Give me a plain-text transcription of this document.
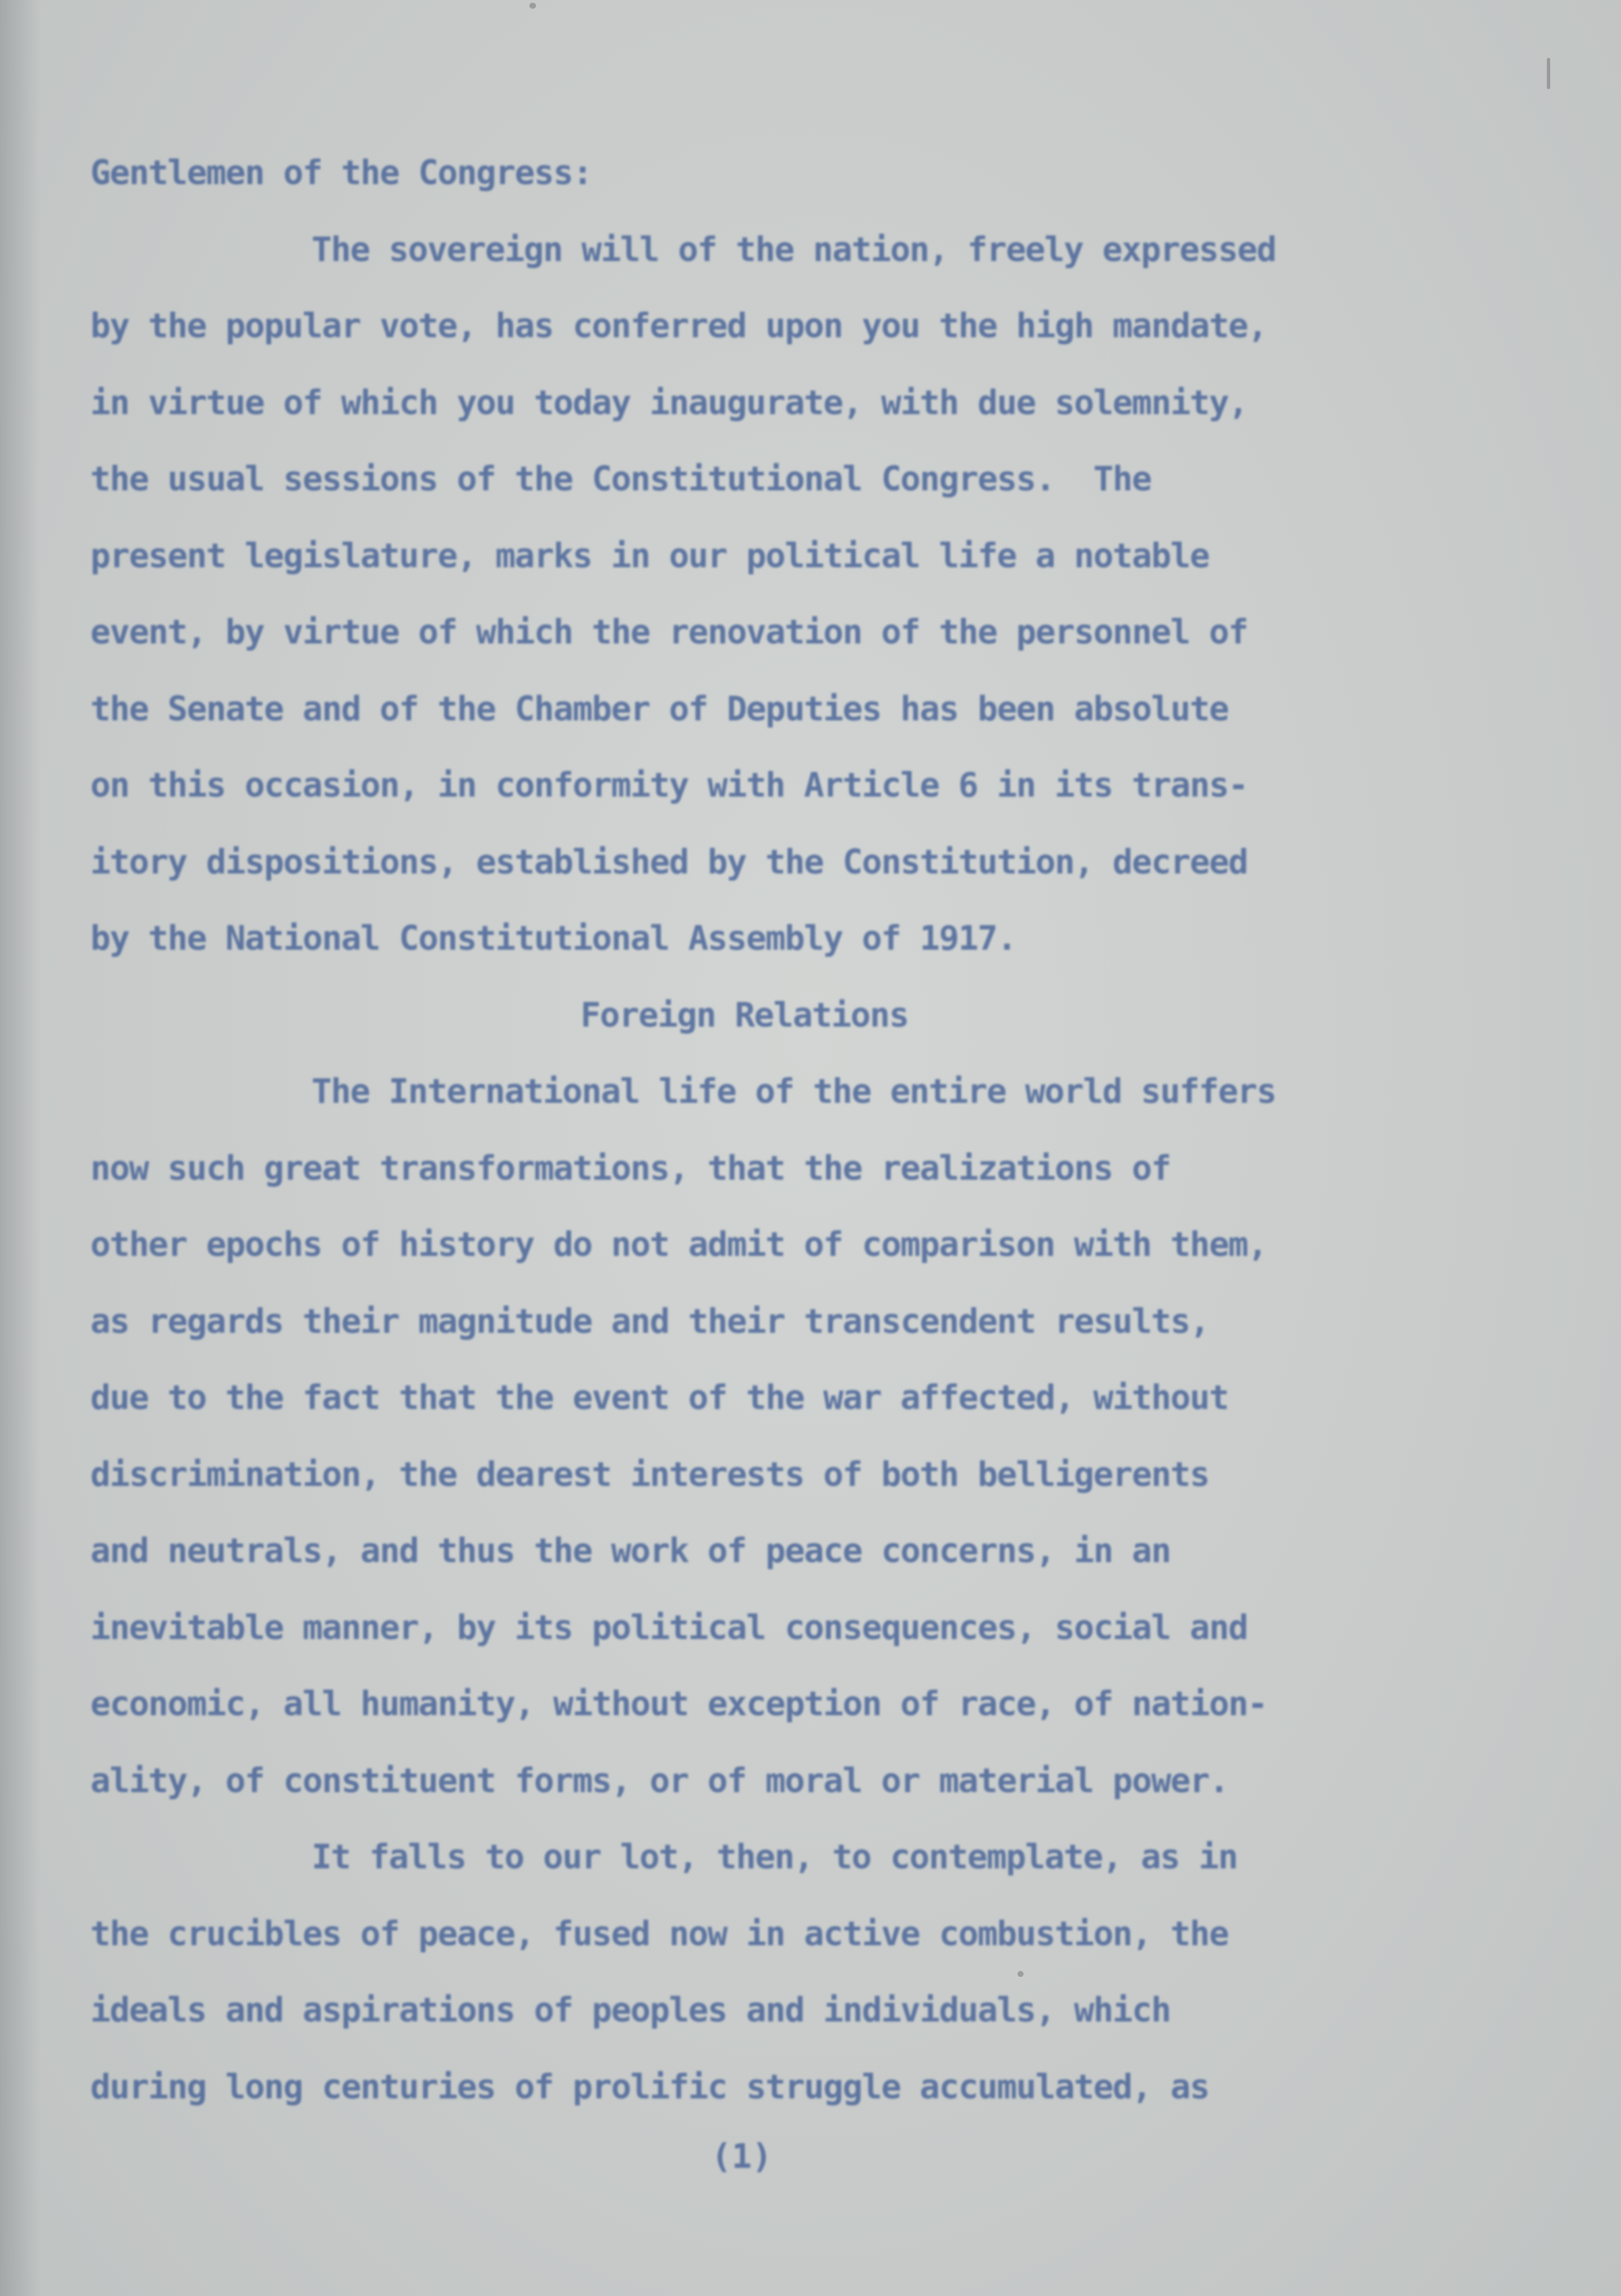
Gentlemen of the Congress:
The sovereign will of the nation, freely expressed
by the popular vote, has conferred upon you the high mandate,
in virtue of which you today inaugurate, with due solemnity,
the usual sessions of the Constitutional Congress.  The
present legislature, marks in our political life a notable
event, by virtue of which the renovation of the personnel of
the Senate and of the Chamber of Deputies has been absolute
on this occasion, in conformity with Article 6 in its trans-
itory dispositions, established by the Constitution, decreed
by the National Constitutional Assembly of 1917.
Foreign Relations
The International life of the entire world suffers
now such great transformations, that the realizations of
other epochs of history do not admit of comparison with them,
as regards their magnitude and their transcendent results,
due to the fact that the event of the war affected, without
discrimination, the dearest interests of both belligerents
and neutrals, and thus the work of peace concerns, in an
inevitable manner, by its political consequences, social and
economic, all humanity, without exception of race, of nation-
ality, of constituent forms, or of moral or material power.
It falls to our lot, then, to contemplate, as in
the crucibles of peace, fused now in active combustion, the
ideals and aspirations of peoples and individuals, which
during long centuries of prolific struggle accumulated, as
(1)
